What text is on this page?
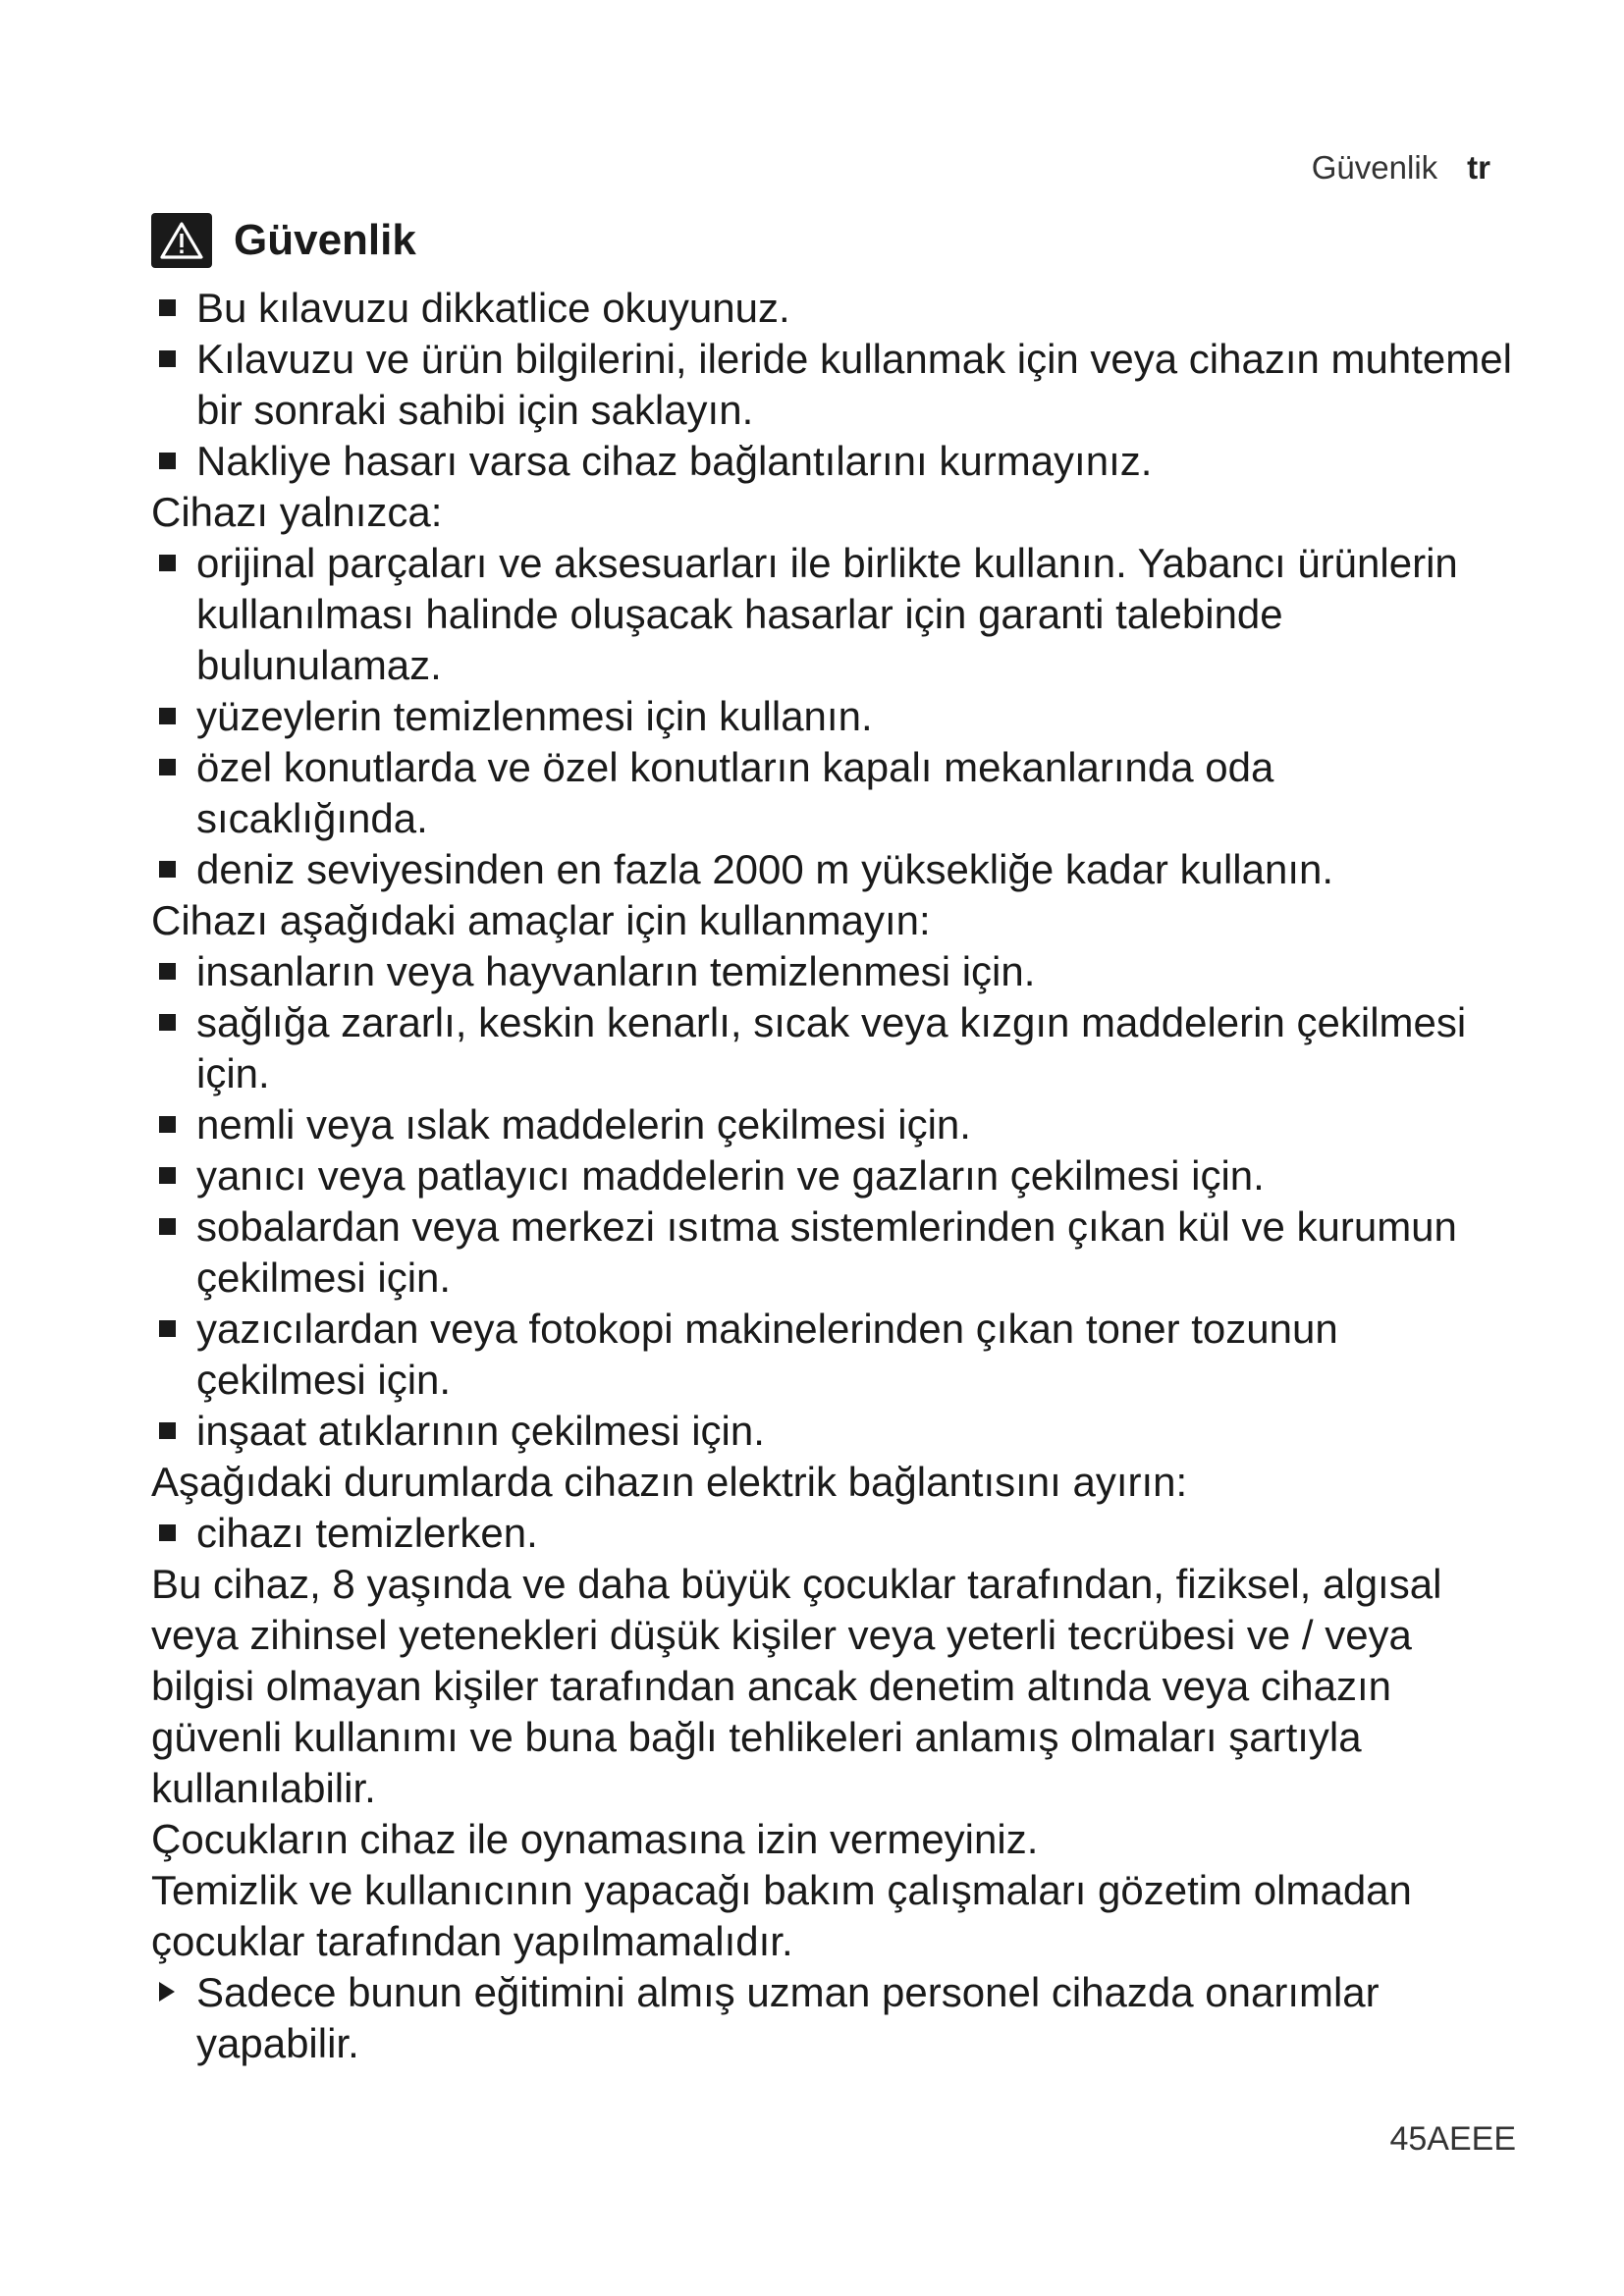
Güvenlik tr
Güvenlik
Bu kılavuzu dikkatlice okuyunuz.
Kılavuzu ve ürün bilgilerini, ileride kullanmak için veya cihazın muhtemel bir sonraki sahibi için saklayın.
Nakliye hasarı varsa cihaz bağlantılarını kurmayınız.

Cihazı yalnızca:

orijinal parçaları ve aksesuarları ile birlikte kullanın. Yabancı ürünlerin kullanılması halinde oluşacak hasarlar için garanti talebinde bulunulamaz.
yüzeylerin temizlenmesi için kullanın.
özel konutlarda ve özel konutların kapalı mekanlarında oda sıcaklığında.
deniz seviyesinden en fazla 2000 m yüksekliğe kadar kullanın.

Cihazı aşağıdaki amaçlar için kullanmayın:

insanların veya hayvanların temizlenmesi için.
sağlığa zararlı, keskin kenarlı, sıcak veya kızgın maddelerin çekilmesi için.
nemli veya ıslak maddelerin çekilmesi için.
yanıcı veya patlayıcı maddelerin ve gazların çekilmesi için.
sobalardan veya merkezi ısıtma sistemlerinden çıkan kül ve kurumun çekilmesi için.
yazıcılardan veya fotokopi makinelerinden çıkan toner tozunun çekilmesi için.
inşaat atıklarının çekilmesi için.

Aşağıdaki durumlarda cihazın elektrik bağlantısını ayırın:

cihazı temizlerken.

Bu cihaz, 8 yaşında ve daha büyük çocuklar tarafından, fiziksel, algısal veya zihinsel yetenekleri düşük kişiler veya yeterli tecrübesi ve / veya bilgisi olmayan kişiler tarafından ancak denetim altında veya cihazın güvenli kullanımı ve buna bağlı tehlikeleri anlamış olmaları şartıyla kullanılabilir.

Çocukların cihaz ile oynamasına izin vermeyiniz.

Temizlik ve kullanıcının yapacağı bakım çalışmaları gözetim olmadan çocuklar tarafından yapılmamalıdır.

Sadece bunun eğitimini almış uzman personel cihazda onarımlar yapabilir.
45AEEE
